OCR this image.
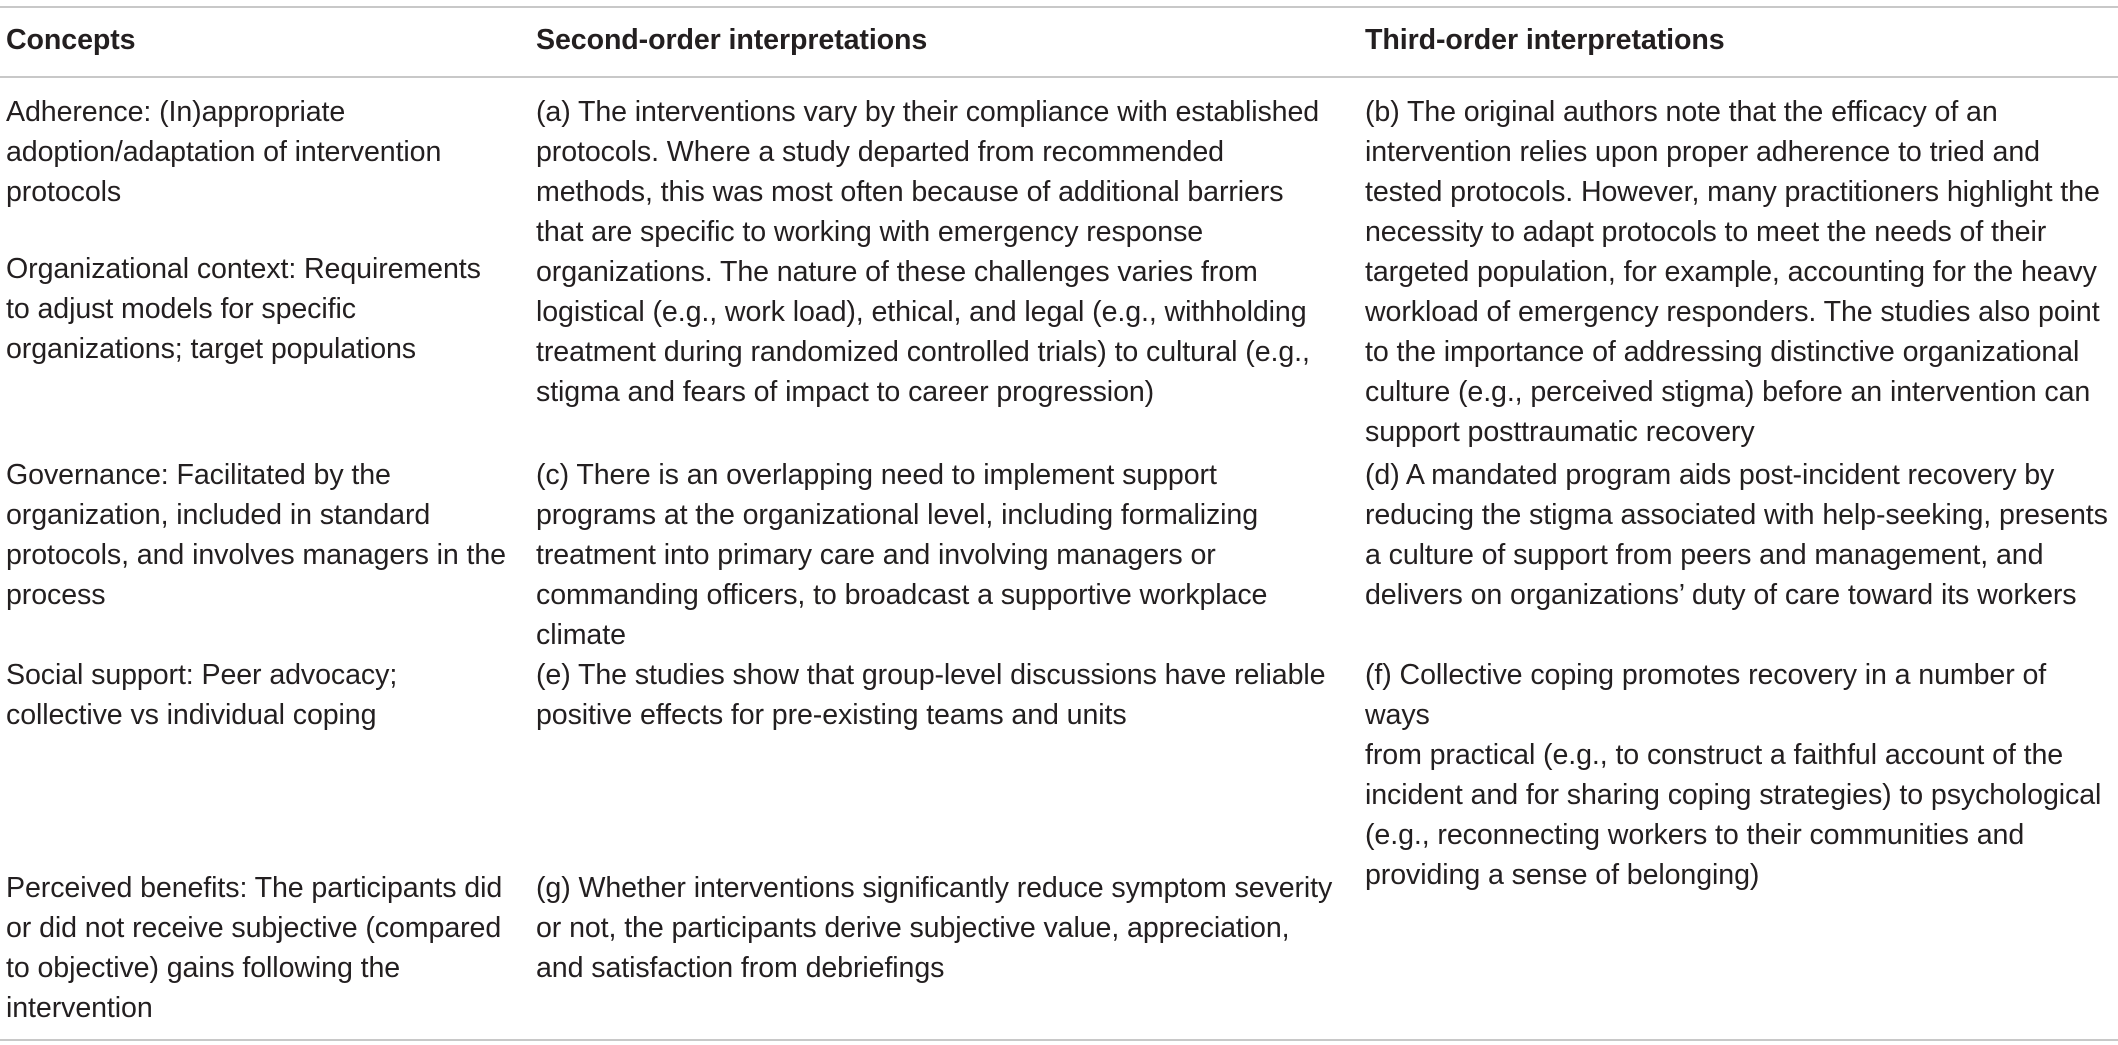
Concepts	Second-order interpretations	Third-order interpretations
Adherence: (In)appropriate
adoption/adaptation of intervention
protocols
Organizational context: Requirements
to adjust models for specific
organizations; target populations
Governance: Facilitated by the
organization, included in standard
protocols, and involves managers in the
process
Social support: Peer advocacy;
collective vs individual coping
Perceived benefits: The participants did
or did not receive subjective (compared
to objective) gains following the
intervention
(a) The interventions vary by their compliance with established
protocols. Where a study departed from recommended
methods, this was most often because of additional barriers
that are specific to working with emergency response
organizations. The nature of these challenges varies from
logistical (e.g., work load), ethical, and legal (e.g., withholding
treatment during randomized controlled trials) to cultural (e.g.,
stigma and fears of impact to career progression)
(c) There is an overlapping need to implement support
programs at the organizational level, including formalizing
treatment into primary care and involving managers or
commanding officers, to broadcast a supportive workplace
climate
(e) The studies show that group-level discussions have reliable
positive effects for pre-existing teams and units
(g) Whether interventions significantly reduce symptom severity
or not, the participants derive subjective value, appreciation,
and satisfaction from debriefings
(b) The original authors note that the efficacy of an
intervention relies upon proper adherence to tried and
tested protocols. However, many practitioners highlight the
necessity to adapt protocols to meet the needs of their
targeted population, for example, accounting for the heavy
workload of emergency responders. The studies also point
to the importance of addressing distinctive organizational
culture (e.g., perceived stigma) before an intervention can
support posttraumatic recovery
(d) A mandated program aids post-incident recovery by
reducing the stigma associated with help-seeking, presents
a culture of support from peers and management, and
delivers on organizations’ duty of care toward its workers
(f) Collective coping promotes recovery in a number of ways
from practical (e.g., to construct a faithful account of the
incident and for sharing coping strategies) to psychological
(e.g., reconnecting workers to their communities and
providing a sense of belonging)
